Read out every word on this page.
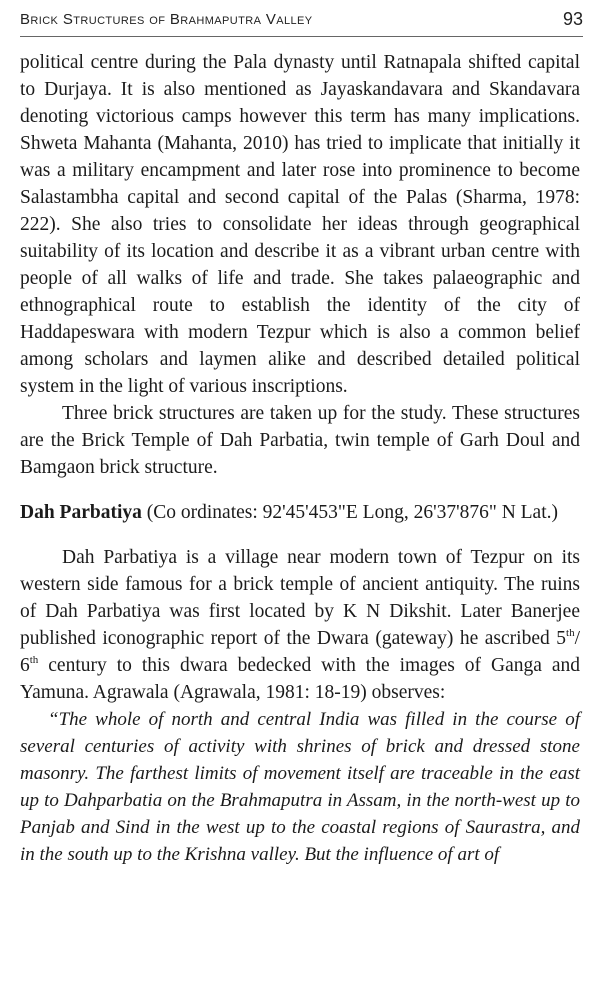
Brick Structures of Brahmaputra Valley	93

political centre during the Pala dynasty until Ratnapala shifted capital to Durjaya. It is also mentioned as Jayaskandavara and Skandavara denoting victorious camps however this term has many implications. Shweta Mahanta (Mahanta, 2010) has tried to implicate that initially it was a military encampment and later rose into prominence to become Salastambha capital and second capital of the Palas (Sharma, 1978: 222). She also tries to consolidate her ideas through geographical suitability of its location and describe it as a vibrant urban centre with people of all walks of life and trade. She takes palaeographic and ethnographical route to establish the identity of the city of Haddapeswara with modern Tezpur which is also a common belief among scholars and laymen alike and described detailed political system in the light of various inscriptions.

Three brick structures are taken up for the study. These structures are the Brick Temple of Dah Parbatia, twin temple of Garh Doul and Bamgaon brick structure.

Dah Parbatiya (Co ordinates: 92'45'453"E Long, 26'37'876" N Lat.)

Dah Parbatiya is a village near modern town of Tezpur on its western side famous for a brick temple of ancient antiquity. The ruins of Dah Parbatiya was first located by K N Dikshit. Later Banerjee published iconographic report of the Dwara (gateway) he ascribed 5th/ 6th century to this dwara bedecked with the images of Ganga and Yamuna. Agrawala (Agrawala, 1981: 18-19) observes:

“The whole of north and central India was filled in the course of several centuries of activity with shrines of brick and dressed stone masonry. The farthest limits of movement itself are traceable in the east up to Dahparbatia on the Brahmaputra in Assam, in the north-west up to Panjab and Sind in the west up to the coastal regions of Saurastra, and in the south up to the Krishna valley. But the influence of art of
